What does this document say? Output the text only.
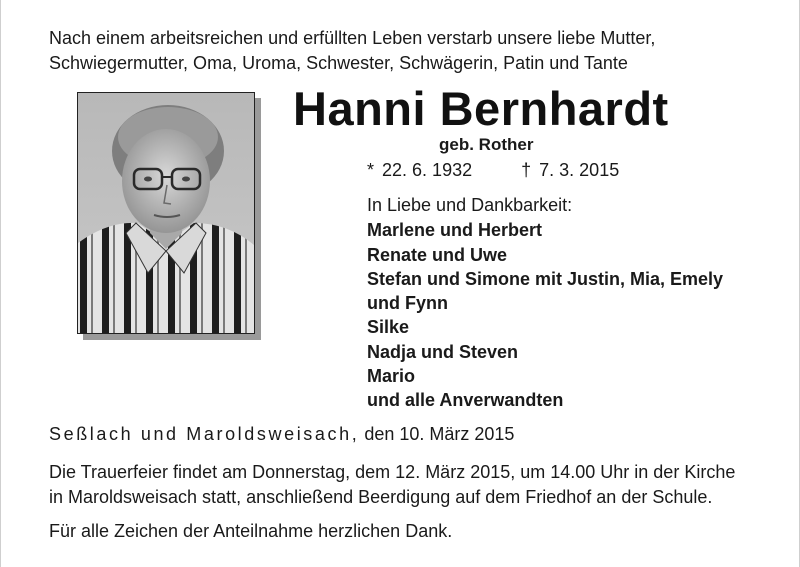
Nach einem arbeitsreichen und erfüllten Leben verstarb unsere liebe Mutter,
Schwiegermutter, Oma, Uroma, Schwester, Schwägerin, Patin und Tante
Hanni Bernhardt
geb. Rother
* 22. 6. 1932	† 7. 3. 2015
In Liebe und Dankbarkeit:
Marlene und Herbert
Renate und Uwe
Stefan und Simone mit Justin, Mia, Emely
und Fynn
Silke
Nadja und Steven
Mario
und alle Anverwandten
Seßlach und Maroldsweisach, den 10. März 2015
Die Trauerfeier findet am Donnerstag, dem 12. März 2015, um 14.00 Uhr in der Kirche
in Maroldsweisach statt, anschließend Beerdigung auf dem Friedhof an der Schule.
Für alle Zeichen der Anteilnahme herzlichen Dank.
